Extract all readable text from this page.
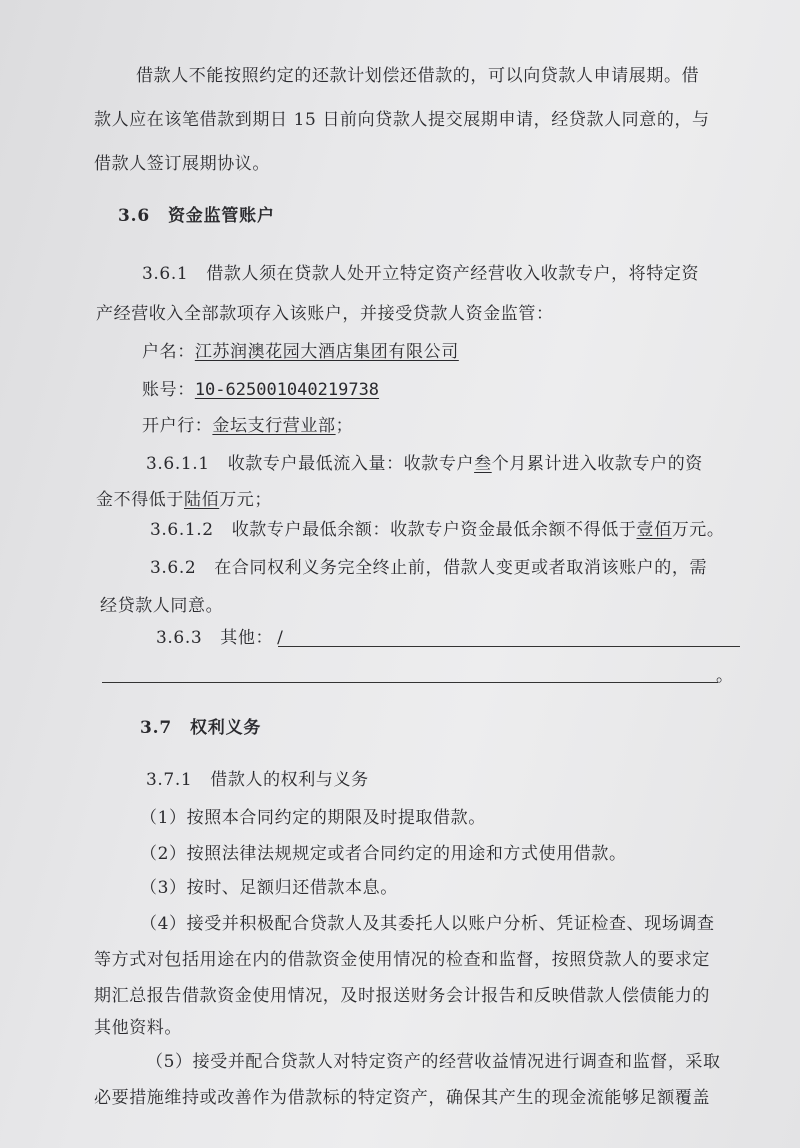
借款人不能按照约定的还款计划偿还借款的，可以向贷款人申请展期。借
款人应在该笔借款到期日 15 日前向贷款人提交展期申请，经贷款人同意的，与
借款人签订展期协议。
3.6 资金监管账户
3.6.1 借款人须在贷款人处开立特定资产经营收入收款专户，将特定资
产经营收入全部款项存入该账户，并接受贷款人资金监管：
户名：江苏润澳花园大酒店集团有限公司
账号：10-625001040219738
开户行：金坛支行营业部；
3.6.1.1 收款专户最低流入量：收款专户叁个月累计进入收款专户的资
金不得低于陆佰万元；
3.6.1.2 收款专户最低余额：收款专户资金最低余额不得低于壹佰万元。
3.6.2 在合同权利义务完全终止前，借款人变更或者取消该账户的，需
经贷款人同意。
3.6.3 其他： /
。
3.7 权利义务
3.7.1 借款人的权利与义务
（1）按照本合同约定的期限及时提取借款。
（2）按照法律法规规定或者合同约定的用途和方式使用借款。
（3）按时、足额归还借款本息。
（4）接受并积极配合贷款人及其委托人以账户分析、凭证检查、现场调查
等方式对包括用途在内的借款资金使用情况的检查和监督，按照贷款人的要求定
期汇总报告借款资金使用情况，及时报送财务会计报告和反映借款人偿债能力的
其他资料。
（5）接受并配合贷款人对特定资产的经营收益情况进行调查和监督，采取
必要措施维持或改善作为借款标的特定资产，确保其产生的现金流能够足额覆盖
